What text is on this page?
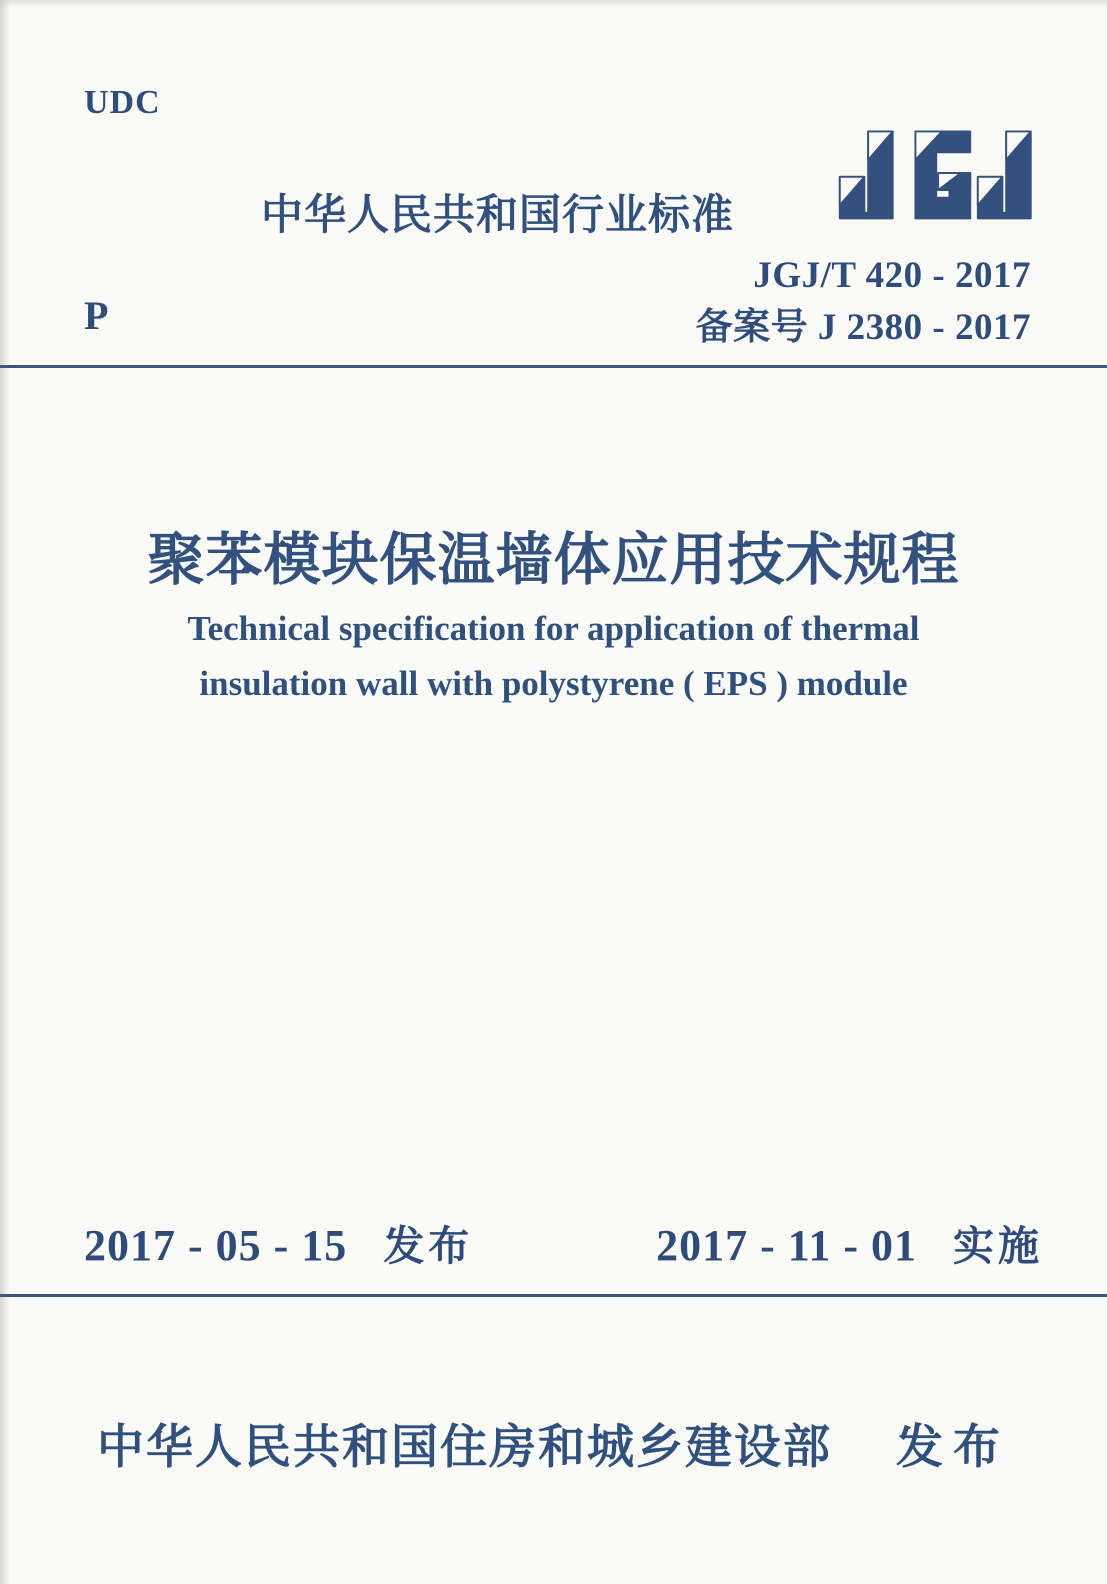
UDC
中华人民共和国行业标准
JGJ/T 420 - 2017
备案号 J 2380 - 2017
P
聚苯模块保温墙体应用技术规程
Technical specification for application of thermal
insulation wall with polystyrene ( EPS ) module
2017 - 05 - 15 发布	2017 - 11 - 01 实施
中华人民共和国住房和城乡建设部 发布
